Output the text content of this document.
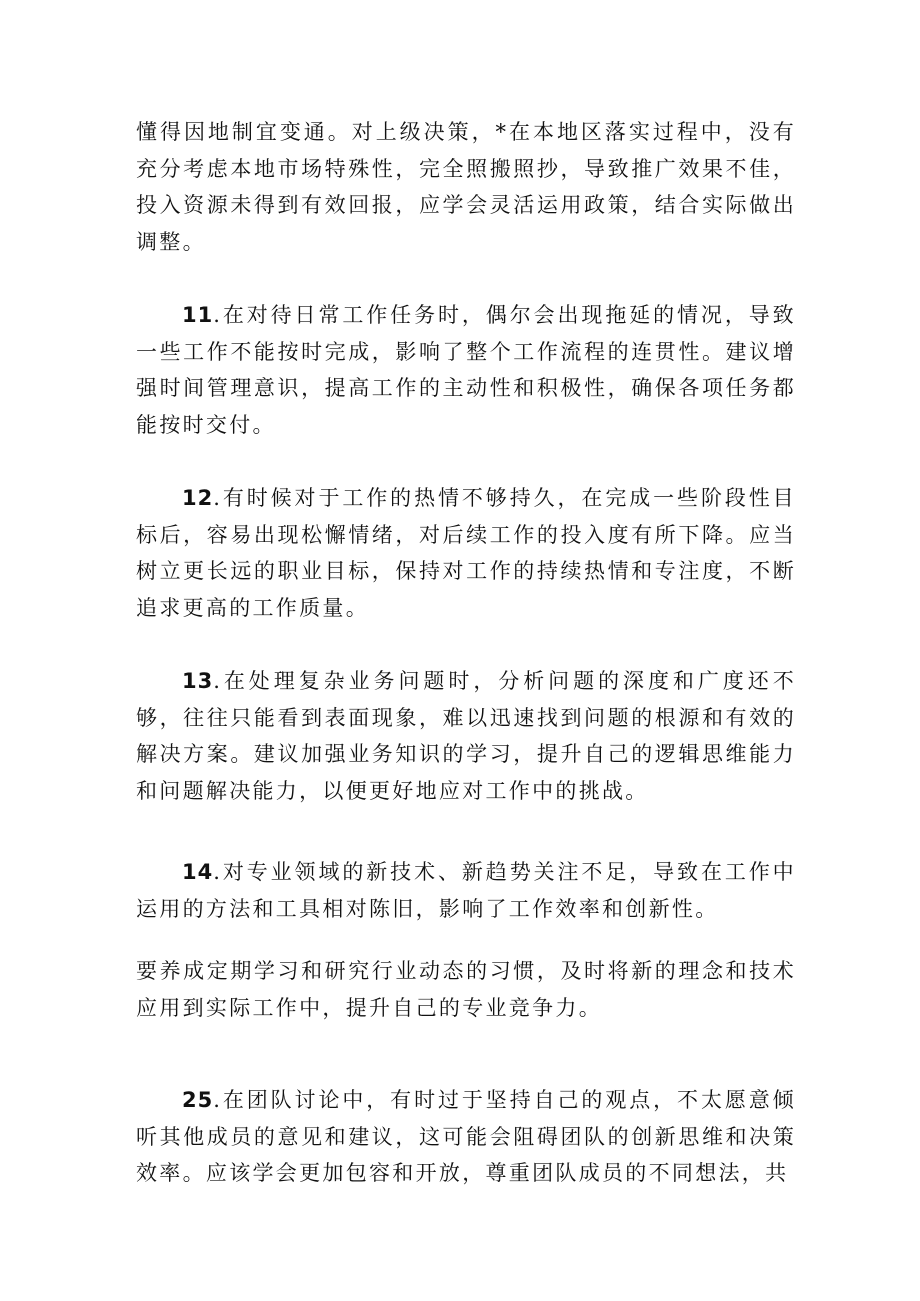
懂得因地制宜变通。对上级决策，*在本地区落实过程中，没有充分考虑本地市场特殊性，完全照搬照抄，导致推广效果不佳，投入资源未得到有效回报，应学会灵活运用政策，结合实际做出调整。

11.在对待日常工作任务时，偶尔会出现拖延的情况，导致一些工作不能按时完成，影响了整个工作流程的连贯性。建议增强时间管理意识，提高工作的主动性和积极性，确保各项任务都能按时交付。

12.有时候对于工作的热情不够持久，在完成一些阶段性目标后，容易出现松懈情绪，对后续工作的投入度有所下降。应当树立更长远的职业目标，保持对工作的持续热情和专注度，不断追求更高的工作质量。

13.在处理复杂业务问题时，分析问题的深度和广度还不够，往往只能看到表面现象，难以迅速找到问题的根源和有效的解决方案。建议加强业务知识的学习，提升自己的逻辑思维能力和问题解决能力，以便更好地应对工作中的挑战。

14.对专业领域的新技术、新趋势关注不足，导致在工作中运用的方法和工具相对陈旧，影响了工作效率和创新性。

要养成定期学习和研究行业动态的习惯，及时将新的理念和技术应用到实际工作中，提升自己的专业竞争力。

25.在团队讨论中，有时过于坚持自己的观点，不太愿意倾听其他成员的意见和建议，这可能会阻碍团队的创新思维和决策效率。应该学会更加包容和开放，尊重团队成员的不同想法，共
